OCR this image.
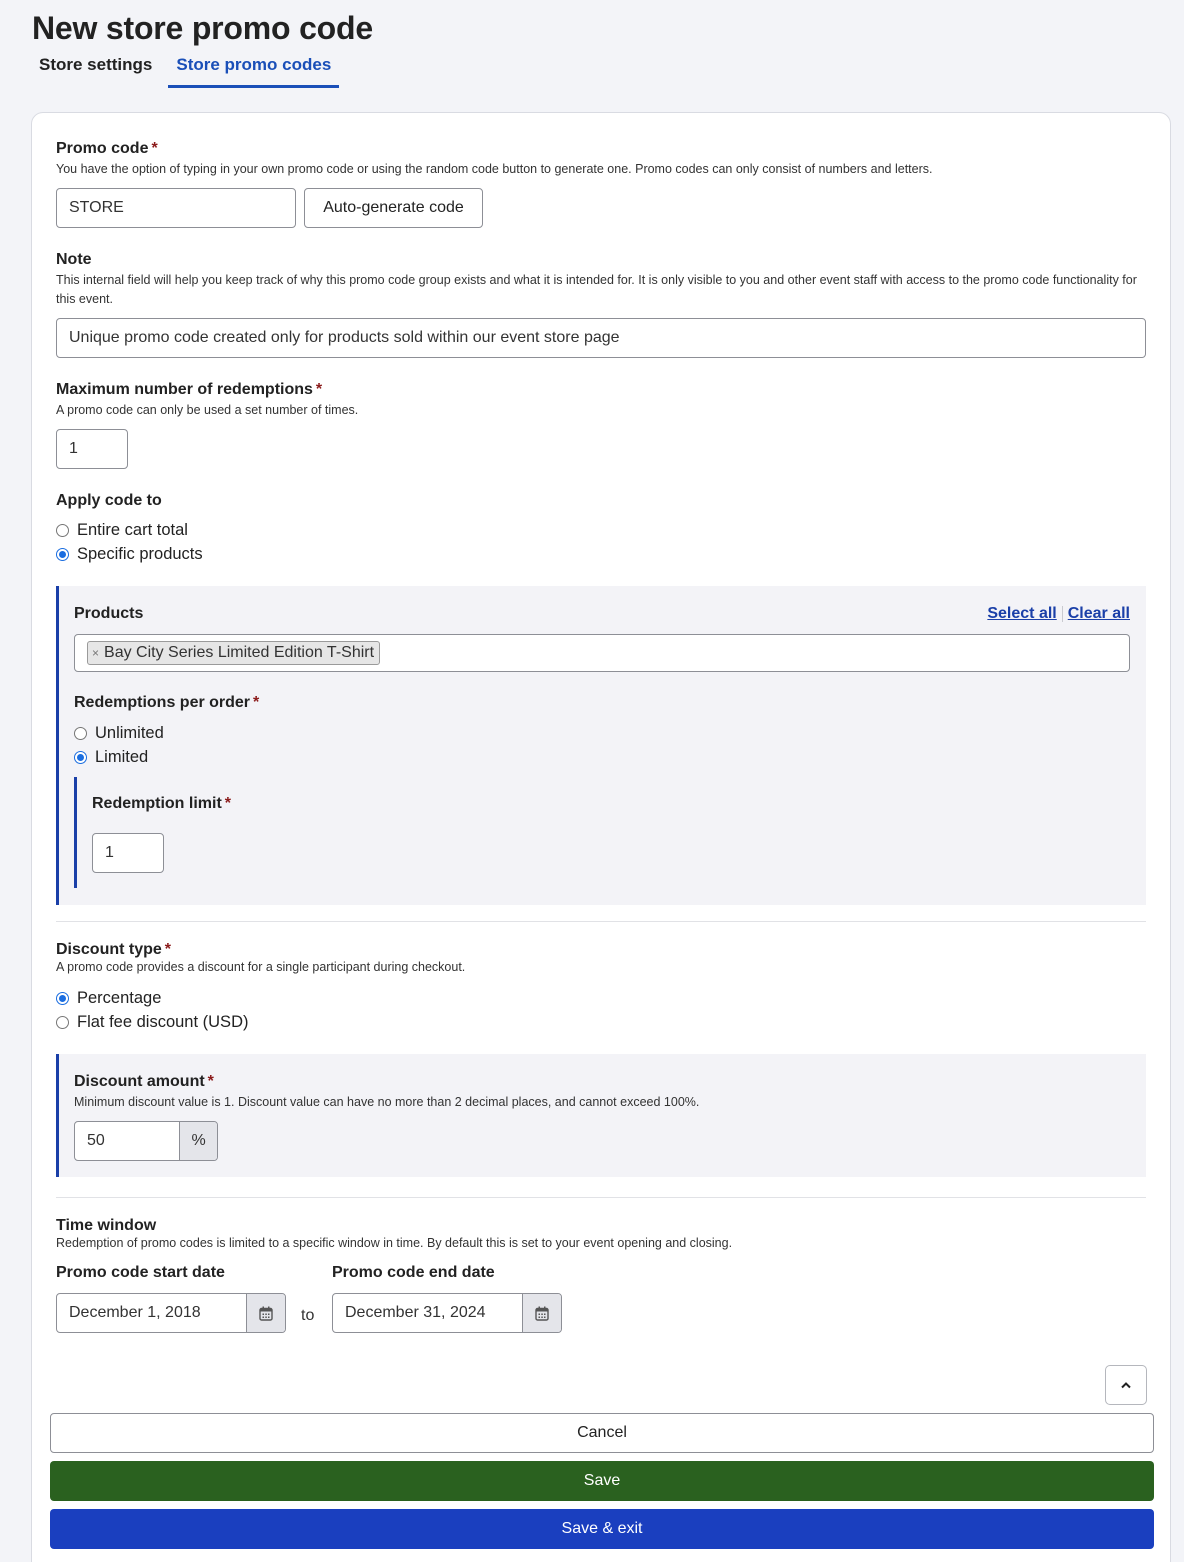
New store promo code
Store settings	Store promo codes
Promo code *
You have the option of typing in your own promo code or using the random code button to generate one. Promo codes can only consist of numbers and letters.
STORE	Auto-generate code
Note
This internal field will help you keep track of why this promo code group exists and what it is intended for. It is only visible to you and other event staff with access to the promo code functionality for this event.
Unique promo code created only for products sold within our event store page
Maximum number of redemptions *
A promo code can only be used a set number of times.
1
Apply code to
Entire cart total
Specific products
Products	Select all Clear all
× Bay City Series Limited Edition T-Shirt
Redemptions per order *
Unlimited
Limited
Redemption limit *
1
Discount type *
A promo code provides a discount for a single participant during checkout.
Percentage
Flat fee discount (USD)
Discount amount *
Minimum discount value is 1. Discount value can have no more than 2 decimal places, and cannot exceed 100%.
50	%
Time window
Redemption of promo codes is limited to a specific window in time. By default this is set to your event opening and closing.
Promo code start date
December 1, 2018	to
Promo code end date
December 31, 2024
Cancel
Save
Save & exit
